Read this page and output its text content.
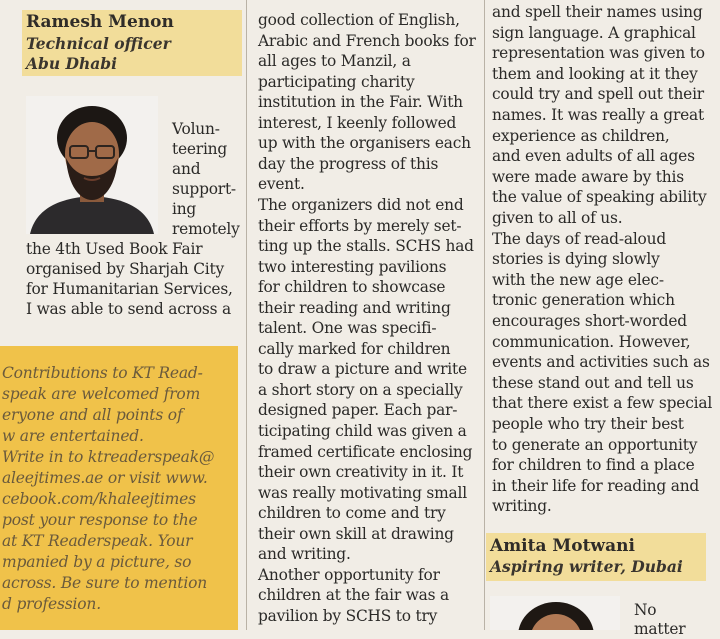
Ramesh Menon
Technical officer
Abu Dhabi
Volun-
teering
and
support-
ing
remotely
the 4th Used Book Fair
organised by Sharjah City
for Humanitarian Services,
I was able to send across a
Contributions to KT Read-
speak are welcomed from
eryone and all points of
w are entertained.
Write in to ktreaderspeak@
aleejtimes.ae or visit www.
cebook.com/khaleejtimes
post your response to the
at KT Readerspeak. Your
mpanied by a picture, so
across. Be sure to mention
d profession.
good collection of English,
Arabic and French books for
all ages to Manzil, a
participating charity
institution in the Fair. With
interest, I keenly followed
up with the organisers each
day the progress of this
event.
The organizers did not end
their efforts by merely set-
ting up the stalls. SCHS had
two interesting pavilions
for children to showcase
their reading and writing
talent. One was specifi-
cally marked for children
to draw a picture and write
a short story on a specially
designed paper. Each par-
ticipating child was given a
framed certificate enclosing
their own creativity in it. It
was really motivating small
children to come and try
their own skill at drawing
and writing.
Another opportunity for
children at the fair was a
pavilion by SCHS to try
and spell their names using
sign language. A graphical
representation was given to
them and looking at it they
could try and spell out their
names. It was really a great
experience as children,
and even adults of all ages
were made aware by this
the value of speaking ability
given to all of us.
The days of read-aloud
stories is dying slowly
with the new age elec-
tronic generation which
encourages short-worded
communication. However,
events and activities such as
these stand out and tell us
that there exist a few special
people who try their best
to generate an opportunity
for children to find a place
in their life for reading and
writing.
Amita Motwani
Aspiring writer, Dubai
No
matter
